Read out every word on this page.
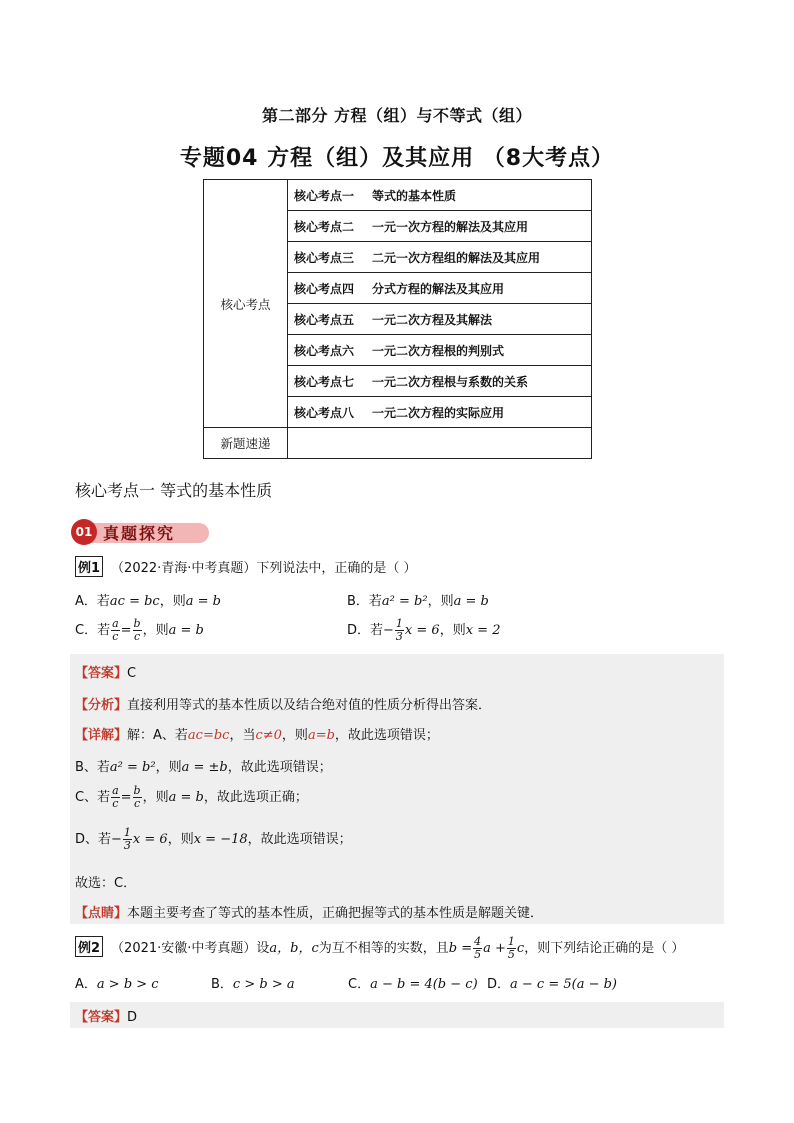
第二部分 方程（组）与不等式（组）
专题04 方程（组）及其应用 （8大考点）
核心考点	核心考点一 等式的基本性质
	核心考点二 一元一次方程的解法及其应用
	核心考点三 二元一次方程组的解法及其应用
	核心考点四 分式方程的解法及其应用
	核心考点五 一元二次方程及其解法
	核心考点六 一元二次方程根的判别式
	核心考点七 一元二次方程根与系数的关系
	核心考点八 一元二次方程的实际应用
新题速递	
核心考点一 等式的基本性质
01 真题探究
例1 （2022·青海·中考真题）下列说法中，正确的是（ ）
A．若ac = bc，则a = b	B．若a² = b²，则a = b
C．若 $\frac{a}{c} = \frac{b}{c}$ ，则a = b	D．若− $\frac{1}{3}$ x = 6，则x = 2
【答案】C
【分析】直接利用等式的基本性质以及结合绝对值的性质分析得出答案．
【详解】解：A、若ac=bc，当c≠0，则a=b，故此选项错误；
B、若a² = b²，则a = ±b，故此选项错误；
C、若 $\frac{a}{c} = \frac{b}{c}$ ，则a = b，故此选项正确；
D、若− $\frac{1}{3}$ x = 6，则x = −18，故此选项错误；
故选：C．
【点睛】本题主要考查了等式的基本性质，正确把握等式的基本性质是解题关键．
例2 （2021·安徽·中考真题）设a，b，c为互不相等的实数，且$b = \frac{4}{5}$ $a + \frac{1}{5}$ c，则下列结论正确的是（ ）
A．a > b > c	B．c > b > a	C．a − b = 4(b − c) D．a − c = 5(a − b)
【答案】D
